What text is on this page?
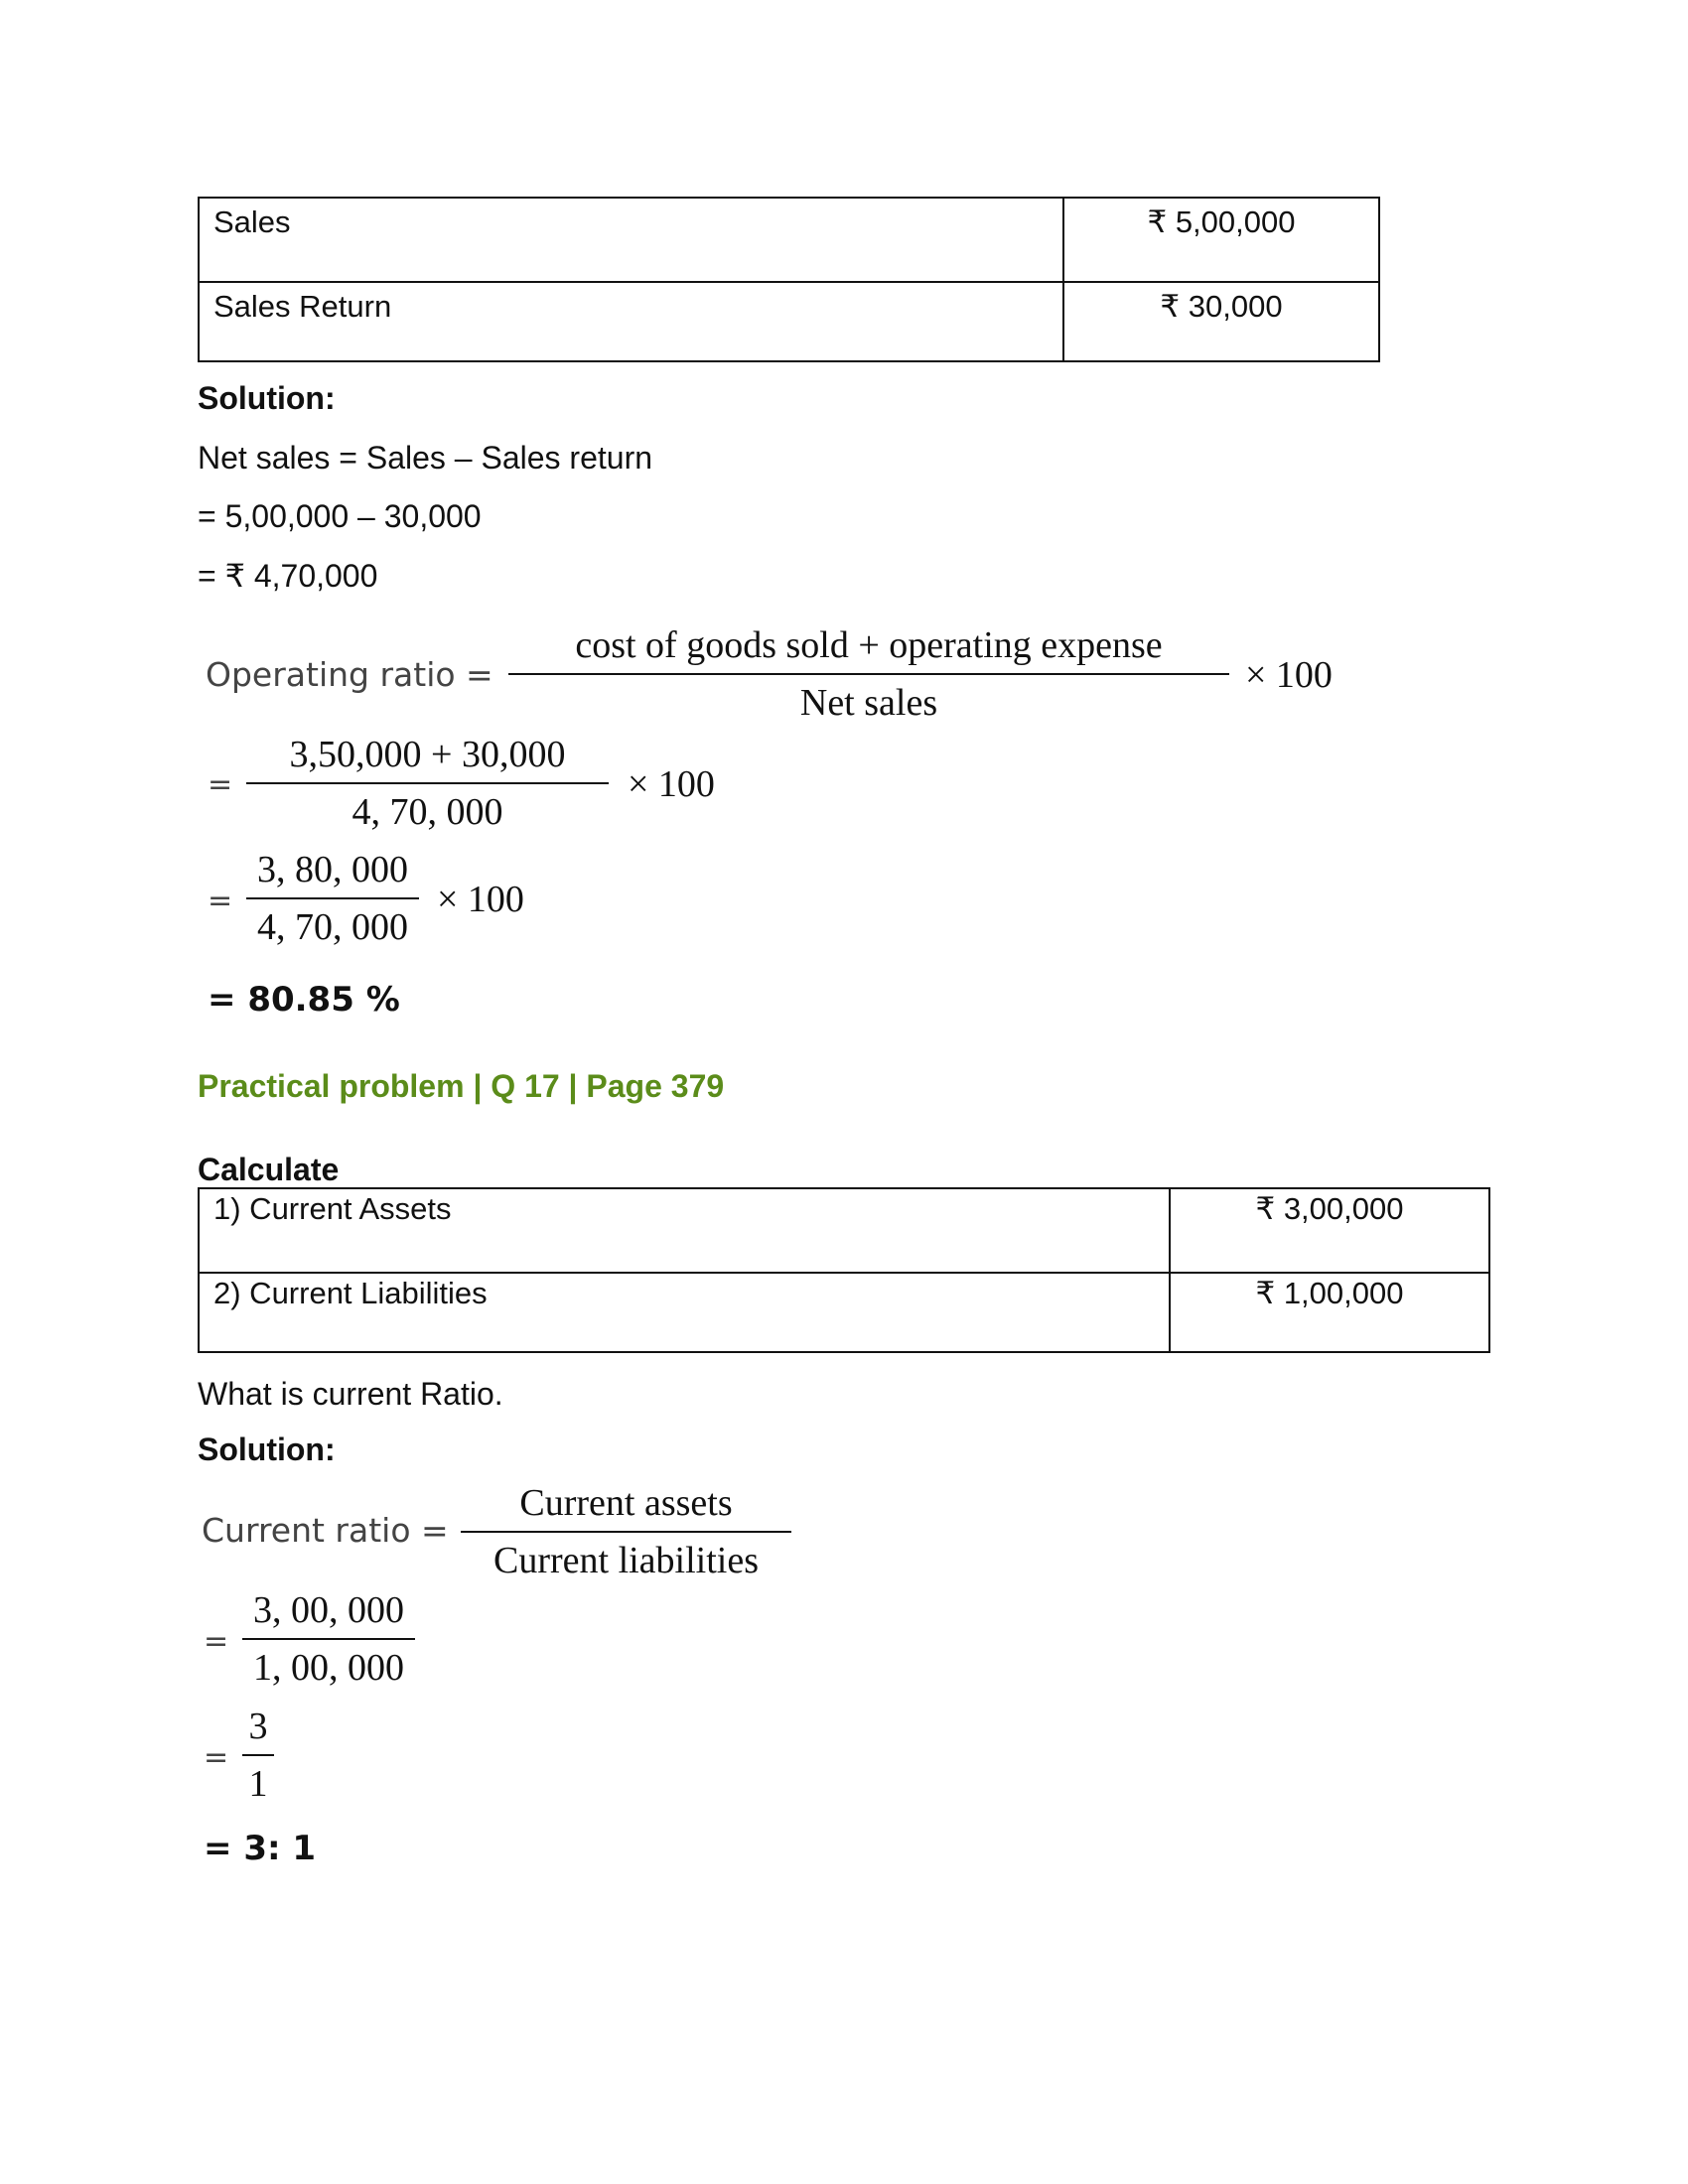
Sales	₹ 5,00,000
Sales Return	₹ 30,000
Solution:
Net sales = Sales – Sales return
= 5,00,000 – 30,000
= ₹ 4,70,000
Operating ratio =
cost of goods sold + operating expense
Net sales
× 100
=
3,50,000 + 30,000
4, 70, 000
× 100
=
3, 80, 000
4, 70, 000
× 100
= 80.85 %
Practical problem | Q 17 | Page 379
Calculate
1) Current Assets	₹ 3,00,000
2) Current Liabilities	₹ 1,00,000
What is current Ratio.
Solution:
Current ratio =
Current assets
Current liabilities
=
3, 00, 000
1, 00, 000
=
3
1
= 3: 1
